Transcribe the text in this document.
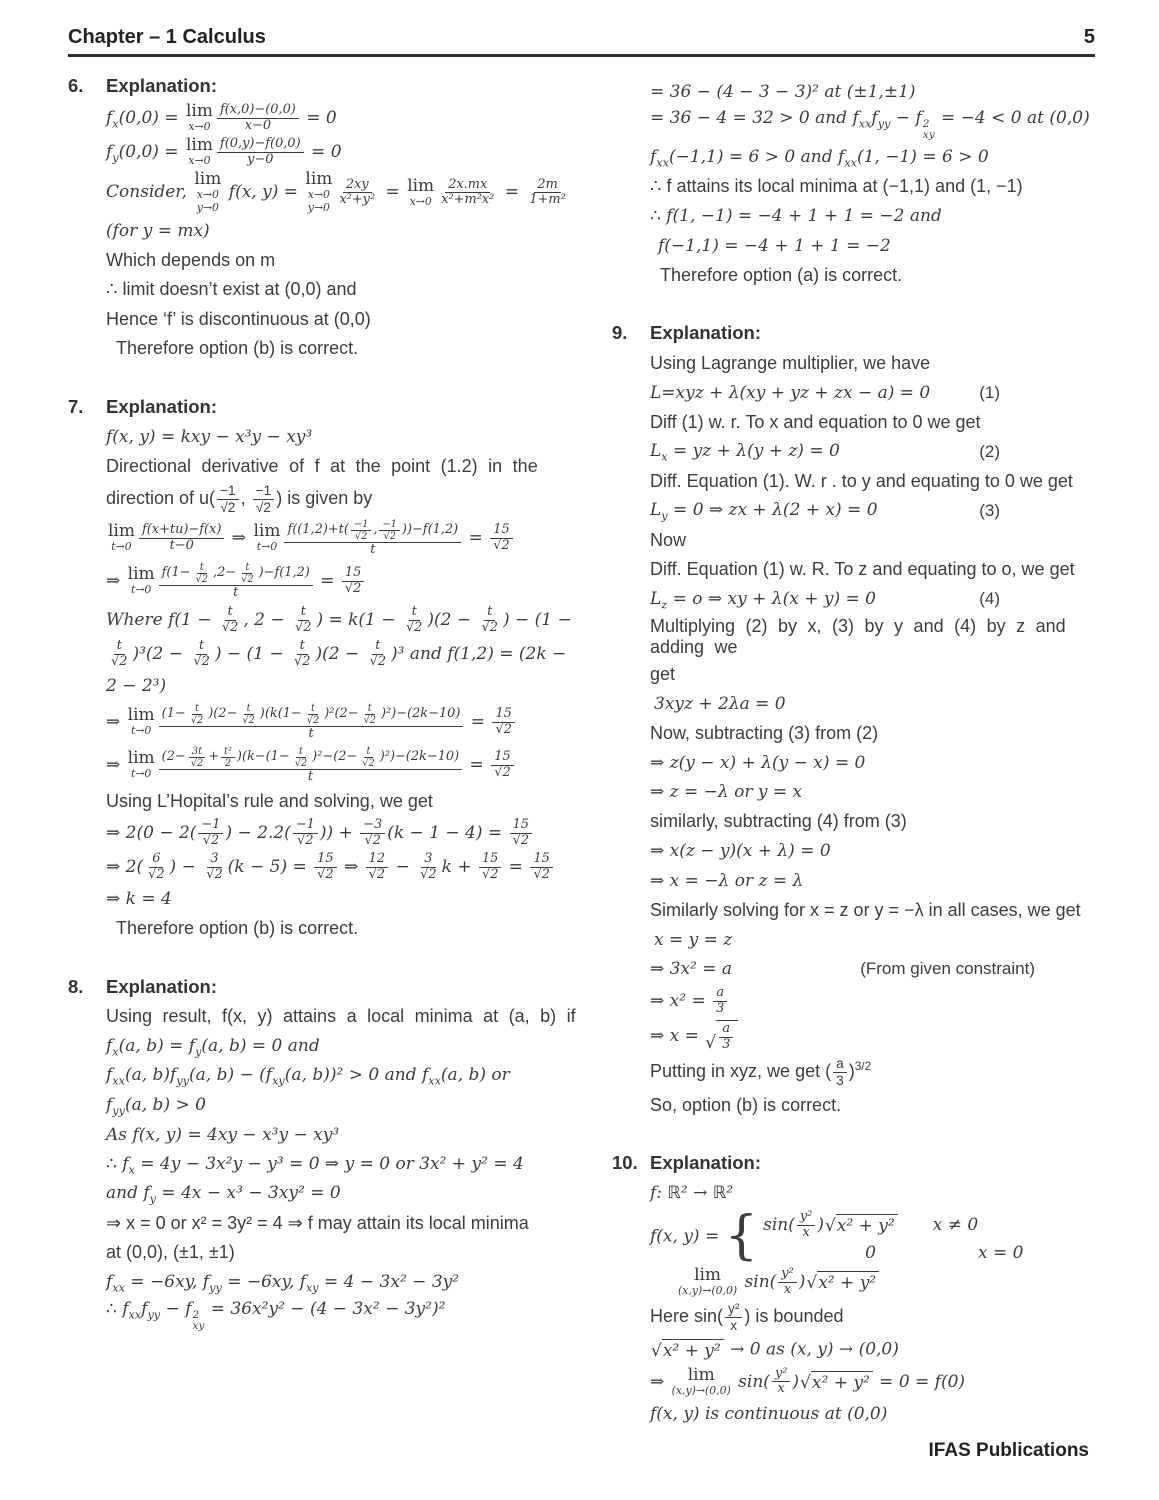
Chapter – 1 Calculus	5
6.	Explanation:
$f_x(0,0) = \lim$
$x\to 0 \frac{f(x,0)-(0,0)}{x-0} = 0$
$f_y(0,0) = \lim$
$x\to 0 \frac{f(0,y)-f(0,0)}{y-0} = 0$
Consider,
lim
x→0
y→0
f(x, y) =
lim
x→0
$y\to 0 \frac{2xy}{\text{x²+y²}} = \lim$
$x\to 0 \frac{2x.mx}{\text{x²+m²x²}} = \frac{2m}{\text{1+m²}}$
(for y = mx)
Which depends on m
∴ limit doesn’t exist at (0,0) and
Hence ‘f’ is discontinuous at (0,0)
Therefore option (b) is correct.
7.	Explanation:
f(x, y) = kxy − x³y − xy³
Directional derivative of f at the point (1.2) in the
direction of $u( \frac{-1}{√2}$ , $\frac{-1}{√2}$ ) is given by
lim
$t\to 0 \frac{f(x+tu)-f(x)}{t-0}$ ⇒ lim
$t\to 0 \frac{f((1,2)+t( \frac{-1}{√2} , \frac{-1}{√2} ))-f(1,2)}{t} = \frac{15}{√2}$
⇒ lim
$t\to 0 \frac{f(1- \frac{t}{√2} ,2- \frac{t}{√2} )-f(1,2)}{t} = \frac{15}{√2}$
Where $f(1 - \frac{t}{√2}$ , $2 - \frac{t}{√2}$ ) = $k(1 - \frac{t}{√2} )(2 - \frac{t}{√2}$ ) − (1 −
$\frac{t}{√2} )^3(2 - \frac{t}{√2}$ ) − $(1 - \frac{t}{√2} )(2 - \frac{t}{√2} )^3$ and f(1,2) = (2k −
2 − 2³)
⇒ lim
$t\to 0 \frac{(1- \frac{t}{√2} )(2- \frac{t}{√2} )(k(1- \frac{t}{√2} )^2(2- \frac{t}{√2} )^2)-(2k-10)}{t} = \frac{15}{√2}$
⇒ lim
$t\to 0 \frac{(2- \frac{3t}{√2} + \frac{\text{t²}}{2} )(k-(1- \frac{t}{√2} )^2-(2- \frac{t}{√2} )^2)-(2k-10)}{t} = \frac{15}{√2}$
Using L’Hopital’s rule and solving, we get
⇒ $2(0 - 2( \frac{-1}{√2}$ ) − $2.2( \frac{-1}{√2}$ )) + $\frac{-3}{√2} (k - 1 - 4) = \frac{15}{√2}$
⇒ $2( \frac{6}{√2}$ ) − $\frac{3}{√2} (k - 5) = \frac{15}{√2}$ ⇒ $\frac{12}{√2} - \frac{3}{√2}$ $k + \frac{15}{√2} = \frac{15}{√2}$
⇒ k = 4
Therefore option (b) is correct.
8.	Explanation:
Using result, f(x, y) attains a local minima at (a, b) if
$f_x(a$, $b) = f_y(a$, b) = 0 and
$f_{xx}(a$, $b)f_{yy}(a$, $b) - (f_{xy}(a$, b))² > 0 and $f_{xx}(a$, b) or
$f_{yy}(a$, b) > 0
As f(x, y) = 4xy − x³y − xy³
∴ $f_x = 4y - 3x^2y - y^3 = 0$ ⇒ y = 0 or 3x² + y² = 4
and $f_y = 4x - x^3 - 3xy^2 = 0$
⇒ x = 0 or x² = 3y² = 4 ⇒ f may attain its local minima
at (0,0), (±1, ±1)
$f_{xx} = -6xy$, $f_{yy} = -6xy$, $f_{xy} = 4 - 3x^2 - 3y^2$
∴ $f_{xx}f_{yy} - f$ 2
xy
= 36x²y² − (4 − 3x² − 3y²)²
= 36 − (4 − 3 − 3)² at (±1,±1)
= 36 − 4 = 32 > 0 and $f_{xx}f_{yy} - f$ 2
xy
= −4 < 0 at (0,0)
$f_{xx}(-1,1) = 6 > 0$ and $f_{xx}(1$, −1) = 6 > 0
∴ f attains its local minima at (−1,1) and (1, −1)
∴ f(1, −1) = −4 + 1 + 1 = −2 and
f(−1,1) = −4 + 1 + 1 = −2
Therefore option (a) is correct.
9.	Explanation:
Using Lagrange multiplier, we have
L=xyz + λ(xy + yz + zx − a) = 0	(1)
Diff (1) w. r. To x and equation to 0 we get
$L_x$ = yz + λ(y + z) = 0	(2)
Diff. Equation (1). W. r . to y and equating to 0 we get
$L_y = 0$ ⇒ zx + λ(2 + x) = 0	(3)
Now
Diff. Equation (1) w. R. To z and equating to o, we get
$L_z = o$ ⇒ xy + λ(x + y) = 0	(4)
Multiplying (2) by x, (3) by y and (4) by z and adding we
get
3xyz + 2λa = 0
Now, subtracting (3) from (2)
⇒ z(y − x) + λ(y − x) = 0
⇒ z = −λ or y = x
similarly, subtracting (4) from (3)
⇒ x(z − y)(x + λ) = 0
⇒ x = −λ or z = λ
Similarly solving for x = z or y = −λ in all cases, we get
x = y = z
⇒ 3x² = a	(From given constraint)
⇒ $x^2 = \frac{a}{3}$
⇒ x = √ $\frac{a}{3}$
Putting in xyz, we get ( $\frac{a}{3} )^{3/2}$
So, option (b) is correct.
10. Explanation:
f: ℝ² → ℝ²
f(x, y) = { $\sin( \frac{\text{y²}}{x}$ ) √ x² + y² x ≠ 0
0	x = 0
lim
(x,y)→(0,0) $\sin( \frac{\text{y²}}{x}$ ) √ x² + y²
Here $\sin( \frac{\text{y²}}{x}$ ) is bounded
√ x² + y² → 0 as (x, y) → (0,0)
⇒ lim
(x,y)→(0,0) $\sin( \frac{\text{y²}}{x}$ ) √ x² + y² = 0 = f(0)
f(x, y) is continuous at (0,0)
IFAS Publications
